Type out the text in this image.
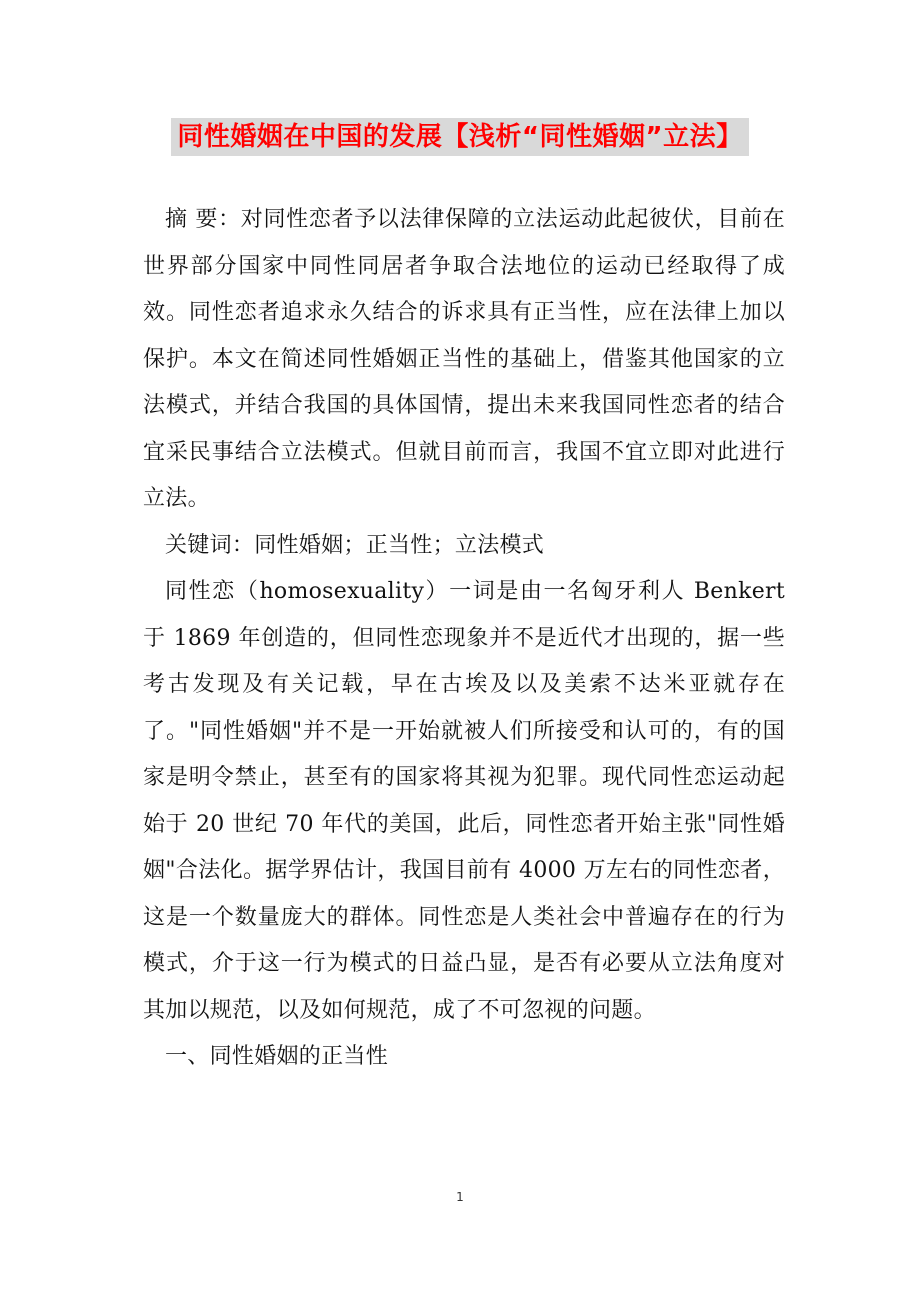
同性婚姻在中国的发展【浅析“同性婚姻”立法】

摘 要：对同性恋者予以法律保障的立法运动此起彼伏，目前在世界部分国家中同性同居者争取合法地位的运动已经取得了成效。同性恋者追求永久结合的诉求具有正当性，应在法律上加以保护。本文在简述同性婚姻正当性的基础上，借鉴其他国家的立法模式，并结合我国的具体国情，提出未来我国同性恋者的结合宜采民事结合立法模式。但就目前而言，我国不宜立即对此进行立法。

关键词：同性婚姻；正当性；立法模式

同性恋（homosexuality）一词是由一名匈牙利人 Benkert 于 1869 年创造的，但同性恋现象并不是近代才出现的，据一些考古发现及有关记载，早在古埃及以及美索不达米亚就存在了。"同性婚姻"并不是一开始就被人们所接受和认可的，有的国家是明令禁止，甚至有的国家将其视为犯罪。现代同性恋运动起始于 20 世纪 70 年代的美国，此后，同性恋者开始主张"同性婚姻"合法化。据学界估计，我国目前有 4000 万左右的同性恋者，这是一个数量庞大的群体。同性恋是人类社会中普遍存在的行为模式，介于这一行为模式的日益凸显，是否有必要从立法角度对其加以规范，以及如何规范，成了不可忽视的问题。

一、同性婚姻的正当性

1
